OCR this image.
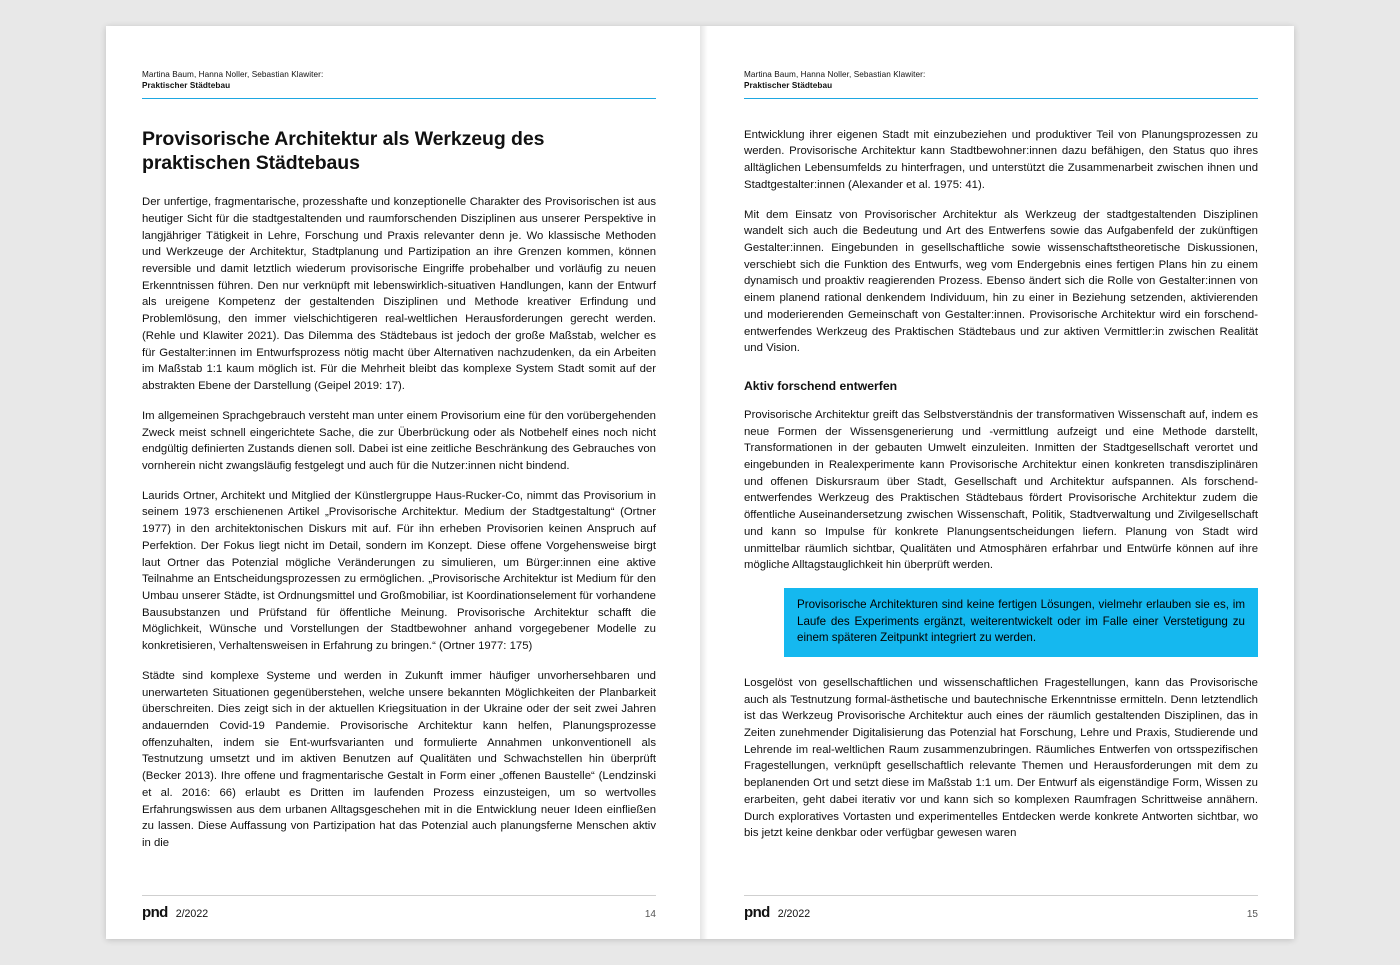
Martina Baum, Hanna Noller, Sebastian Klawiter:
Praktischer Städtebau
Provisorische Architektur als Werkzeug des praktischen Städtebaus

Der unfertige, fragmentarische, prozesshafte und konzeptionelle Charakter des Provisorischen ist aus heutiger Sicht für die stadtgestaltenden und raumforschenden Disziplinen aus unserer Perspektive in langjähriger Tätigkeit in Lehre, Forschung und Praxis relevanter denn je. Wo klassische Methoden und Werkzeuge der Architektur, Stadtplanung und Partizipation an ihre Grenzen kommen, können reversible und damit letztlich wiederum provisorische Eingriffe probehalber und vorläufig zu neuen Erkenntnissen führen. Den nur verknüpft mit lebenswirklich-situativen Handlungen, kann der Entwurf als ureigene Kompetenz der gestaltenden Disziplinen und Methode kreativer Erfindung und Problemlösung, den immer vielschichtigeren real-weltlichen Herausforderungen gerecht werden. (Rehle und Klawiter 2021). Das Dilemma des Städtebaus ist jedoch der große Maßstab, welcher es für Gestalter:innen im Entwurfsprozess nötig macht über Alternativen nachzudenken, da ein Arbeiten im Maßstab 1:1 kaum möglich ist. Für die Mehrheit bleibt das komplexe System Stadt somit auf der abstrakten Ebene der Darstellung (Geipel 2019: 17).

Im allgemeinen Sprachgebrauch versteht man unter einem Provisorium eine für den vorübergehenden Zweck meist schnell eingerichtete Sache, die zur Überbrückung oder als Notbehelf eines noch nicht endgültig definierten Zustands dienen soll. Dabei ist eine zeitliche Beschränkung des Gebrauches von vornherein nicht zwangsläufig festgelegt und auch für die Nutzer:innen nicht bindend.

Laurids Ortner, Architekt und Mitglied der Künstlergruppe Haus-Rucker-Co, nimmt das Provisorium in seinem 1973 erschienenen Artikel „Provisorische Architektur. Medium der Stadtgestaltung“ (Ortner 1977) in den architektonischen Diskurs mit auf. Für ihn erheben Provisorien keinen Anspruch auf Perfektion. Der Fokus liegt nicht im Detail, sondern im Konzept. Diese offene Vorgehensweise birgt laut Ortner das Potenzial mögliche Veränderungen zu simulieren, um Bürger:innen eine aktive Teilnahme an Entscheidungsprozessen zu ermöglichen. „Provisorische Architektur ist Medium für den Umbau unserer Städte, ist Ordnungsmittel und Großmobiliar, ist Koordinationselement für vorhandene Bausubstanzen und Prüfstand für öffentliche Meinung. Provisorische Architektur schafft die Möglichkeit, Wünsche und Vorstellungen der Stadtbewohner anhand vorgegebener Modelle zu konkretisieren, Verhaltensweisen in Erfahrung zu bringen.“ (Ortner 1977: 175)

Städte sind komplexe Systeme und werden in Zukunft immer häufiger unvorhersehbaren und unerwarteten Situationen gegenüberstehen, welche unsere bekannten Möglichkeiten der Planbarkeit überschreiten. Dies zeigt sich in der aktuellen Kriegsituation in der Ukraine oder der seit zwei Jahren andauernden Covid-19 Pandemie. Provisorische Architektur kann helfen, Planungsprozesse offenzuhalten, indem sie Ent-wurfsvarianten und formulierte Annahmen unkonventionell als Testnutzung umsetzt und im aktiven Benutzen auf Qualitäten und Schwachstellen hin überprüft (Becker 2013). Ihre offene und fragmentarische Gestalt in Form einer „offenen Baustelle“ (Lendzinski et al. 2016: 66) erlaubt es Dritten im laufenden Prozess einzusteigen, um so wertvolles Erfahrungswissen aus dem urbanen Alltagsgeschehen mit in die Entwicklung neuer Ideen einfließen zu lassen. Diese Auffassung von Partizipation hat das Potenzial auch planungsferne Menschen aktiv in die

pnd 2/2022	14
Martina Baum, Hanna Noller, Sebastian Klawiter:
Praktischer Städtebau

Entwicklung ihrer eigenen Stadt mit einzubeziehen und produktiver Teil von Planungsprozessen zu werden. Provisorische Architektur kann Stadtbewohner:innen dazu befähigen, den Status quo ihres alltäglichen Lebensumfelds zu hinterfragen, und unterstützt die Zusammenarbeit zwischen ihnen und Stadtgestalter:innen (Alexander et al. 1975: 41).

Mit dem Einsatz von Provisorischer Architektur als Werkzeug der stadtgestaltenden Disziplinen wandelt sich auch die Bedeutung und Art des Entwerfens sowie das Aufgabenfeld der zukünftigen Gestalter:innen. Eingebunden in gesellschaftliche sowie wissenschaftstheoretische Diskussionen, verschiebt sich die Funktion des Entwurfs, weg vom Endergebnis eines fertigen Plans hin zu einem dynamisch und proaktiv reagierenden Prozess. Ebenso ändert sich die Rolle von Gestalter:innen von einem planend rational denkendem Individuum, hin zu einer in Beziehung setzenden, aktivierenden und moderierenden Gemeinschaft von Gestalter:innen. Provisorische Architektur wird ein forschend-entwerfendes Werkzeug des Praktischen Städtebaus und zur aktiven Vermittler:in zwischen Realität und Vision.

Aktiv forschend entwerfen

Provisorische Architektur greift das Selbstverständnis der transformativen Wissenschaft auf, indem es neue Formen der Wissensgenerierung und -vermittlung aufzeigt und eine Methode darstellt, Transformationen in der gebauten Umwelt einzuleiten. Inmitten der Stadtgesellschaft verortet und eingebunden in Realexperimente kann Provisorische Architektur einen konkreten transdisziplinären und offenen Diskursraum über Stadt, Gesellschaft und Architektur aufspannen. Als forschend-entwerfendes Werkzeug des Praktischen Städtebaus fördert Provisorische Architektur zudem die öffentliche Auseinandersetzung zwischen Wissenschaft, Politik, Stadtverwaltung und Zivilgesellschaft und kann so Impulse für konkrete Planungsentscheidungen liefern. Planung von Stadt wird unmittelbar räumlich sichtbar, Qualitäten und Atmosphären erfahrbar und Entwürfe können auf ihre mögliche Alltagstauglichkeit hin überprüft werden.

Provisorische Architekturen sind keine fertigen Lösungen, vielmehr erlauben sie es, im Laufe des Experiments ergänzt, weiterentwickelt oder im Falle einer Verstetigung zu einem späteren Zeitpunkt integriert zu werden.

Losgelöst von gesellschaftlichen und wissenschaftlichen Fragestellungen, kann das Provisorische auch als Testnutzung formal-ästhetische und bautechnische Erkenntnisse ermitteln. Denn letztendlich ist das Werkzeug Provisorische Architektur auch eines der räumlich gestaltenden Disziplinen, das in Zeiten zunehmender Digitalisierung das Potenzial hat Forschung, Lehre und Praxis, Studierende und Lehrende im real-weltlichen Raum zusammenzubringen. Räumliches Entwerfen von ortsspezifischen Fragestellungen, verknüpft gesellschaftlich relevante Themen und Herausforderungen mit dem zu beplanenden Ort und setzt diese im Maßstab 1:1 um. Der Entwurf als eigenständige Form, Wissen zu erarbeiten, geht dabei iterativ vor und kann sich so komplexen Raumfragen Schrittweise annähern. Durch exploratives Vortasten und experimentelles Entdecken werde konkrete Antworten sichtbar, wo bis jetzt keine denkbar oder verfügbar gewesen waren

pnd 2/2022	15
